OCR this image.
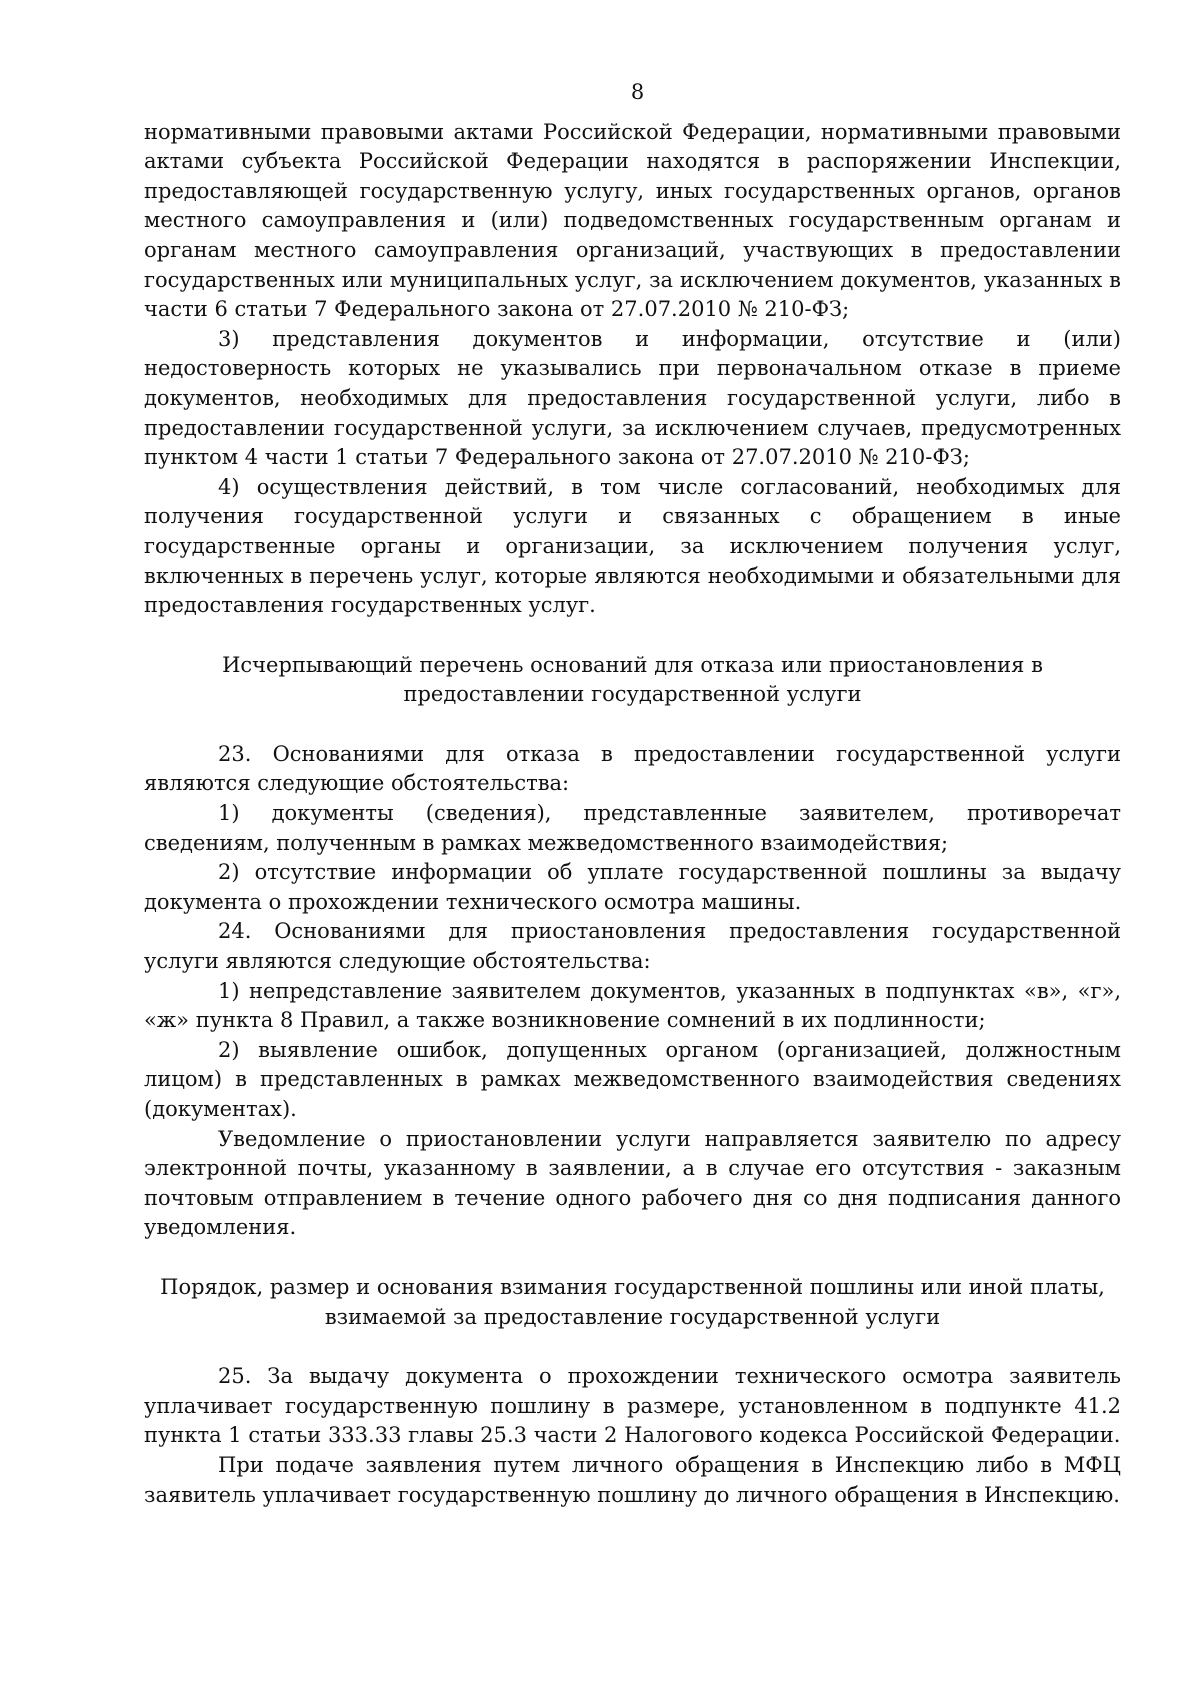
8

нормативными правовыми актами Российской Федерации, нормативными правовыми актами субъекта Российской Федерации находятся в распоряжении Инспекции, предоставляющей государственную услугу, иных государственных органов, органов местного самоуправления и (или) подведомственных государственным органам и органам местного самоуправления организаций, участвующих в предоставлении государственных или муниципальных услуг, за исключением документов, указанных в части 6 статьи 7 Федерального закона от 27.07.2010 № 210-ФЗ;

3) представления документов и информации, отсутствие и (или) недостоверность которых не указывались при первоначальном отказе в приеме документов, необходимых для предоставления государственной услуги, либо в предоставлении государственной услуги, за исключением случаев, предусмотренных пунктом 4 части 1 статьи 7 Федерального закона от 27.07.2010 № 210-ФЗ;

4) осуществления действий, в том числе согласований, необходимых для получения государственной услуги и связанных с обращением в иные государственные органы и организации, за исключением получения услуг, включенных в перечень услуг, которые являются необходимыми и обязательными для предоставления государственных услуг.

Исчерпывающий перечень оснований для отказа или приостановления в
предоставлении государственной услуги

23. Основаниями для отказа в предоставлении государственной услуги являются следующие обстоятельства:

1) документы (сведения), представленные заявителем, противоречат сведениям, полученным в рамках межведомственного взаимодействия;

2) отсутствие информации об уплате государственной пошлины за выдачу документа о прохождении технического осмотра машины.

24. Основаниями для приостановления предоставления государственной услуги являются следующие обстоятельства:

1) непредставление заявителем документов, указанных в подпунктах «в», «г», «ж» пункта 8 Правил, а также возникновение сомнений в их подлинности;

2) выявление ошибок, допущенных органом (организацией, должностным лицом) в представленных в рамках межведомственного взаимодействия сведениях (документах).

Уведомление о приостановлении услуги направляется заявителю по адресу электронной почты, указанному в заявлении, а в случае его отсутствия - заказным почтовым отправлением в течение одного рабочего дня со дня подписания данного уведомления.

Порядок, размер и основания взимания государственной пошлины или иной платы,
взимаемой за предоставление государственной услуги

25. За выдачу документа о прохождении технического осмотра заявитель уплачивает государственную пошлину в размере, установленном в подпункте 41.2 пункта 1 статьи 333.33 главы 25.3 части 2 Налогового кодекса Российской Федерации.

При подаче заявления путем личного обращения в Инспекцию либо в МФЦ заявитель уплачивает государственную пошлину до личного обращения в Инспекцию.
